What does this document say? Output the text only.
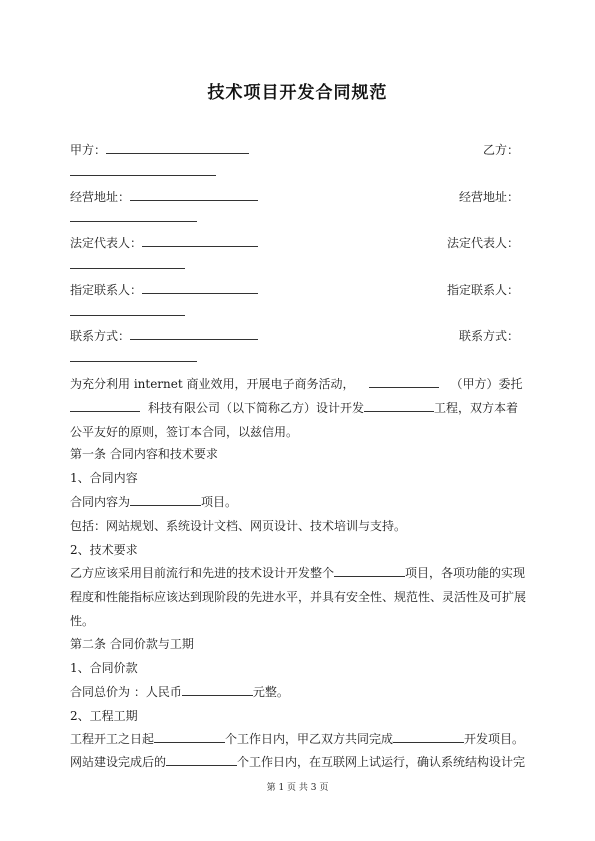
技术项目开发合同规范
甲方：	乙方：
经营地址：	经营地址：
法定代表人：	法定代表人：
指定联系人：	指定联系人：
联系方式：	联系方式：
为充分利用 internet 商业效用，开展电子商务活动，	（甲方）委托
科技有限公司（以下简称乙方）设计开发	工程，双方本着
公平友好的原则，签订本合同，以兹信用。
第一条 合同内容和技术要求
1、合同内容
合同内容为	项目。
包括：网站规划、系统设计文档、网页设计、技术培训与支持。
2、技术要求
乙方应该采用目前流行和先进的技术设计开发整个	项目，各项功能的实现
程度和性能指标应该达到现阶段的先进水平，并具有安全性、规范性、灵活性及可扩展
性。
第二条 合同价款与工期
1、合同价款
合同总价为 ：人民币	元整。
2、工程工期
工程开工之日起	个工作日内，甲乙双方共同完成	开发项目。
网站建设完成后的	个工作日内，在互联网上试运行，确认系统结构设计完
第 1 页 共 3 页
